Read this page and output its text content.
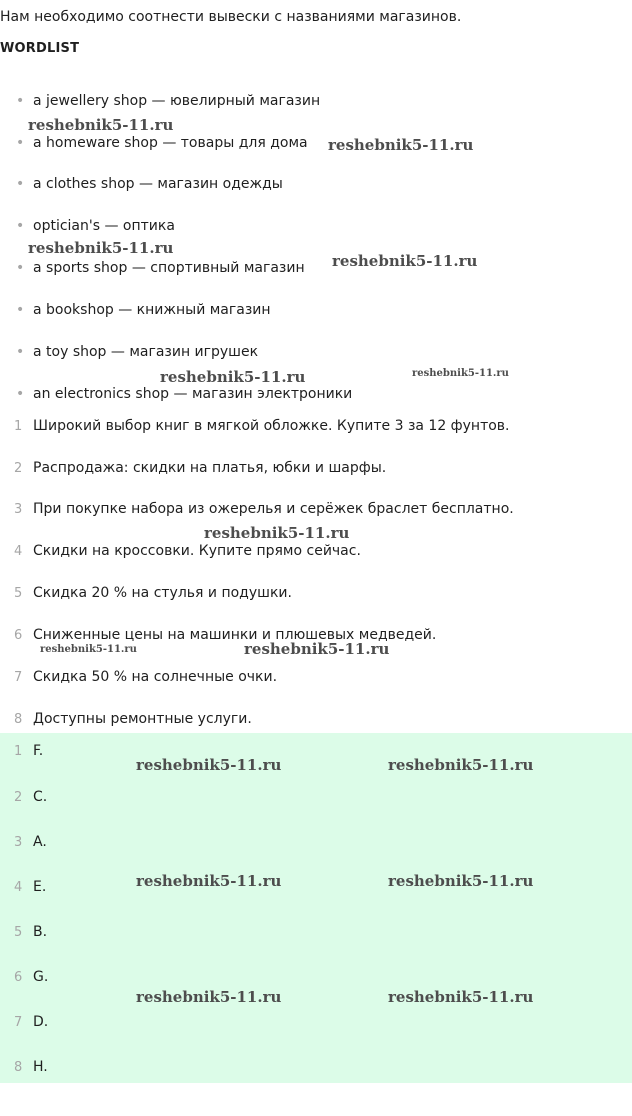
Нам необходимо соотнести вывески с названиями магазинов.
WORDLIST
• a jewellery shop — ювелирный магазин
• a homeware shop — товары для дома
• a clothes shop — магазин одежды
• optician's — оптика
• a sports shop — спортивный магазин
• a bookshop — книжный магазин
• a toy shop — магазин игрушек
• an electronics shop — магазин электроники
1 Широкий выбор книг в мягкой обложке. Купите 3 за 12 фунтов.
2 Распродажа: скидки на платья, юбки и шарфы.
3 При покупке набора из ожерелья и серёжек браслет бесплатно.
4 Скидки на кроссовки. Купите прямо сейчас.
5 Скидка 20 % на стулья и подушки.
6 Сниженные цены на машинки и плюшевых медведей.
7 Скидка 50 % на солнечные очки.
8 Доступны ремонтные услуги.
1 F.
2 C.
3 A.
4 E.
5 B.
6 G.
7 D.
8 H.
reshebnik5-11.ru
reshebnik5-11.ru
reshebnik5-11.ru
reshebnik5-11.ru
reshebnik5-11.ru	reshebnik5-11.ru
reshebnik5-11.ru
reshebnik5-11.ru	reshebnik5-11.ru
reshebnik5-11.ru	reshebnik5-11.ru
reshebnik5-11.ru	reshebnik5-11.ru
reshebnik5-11.ru	reshebnik5-11.ru
